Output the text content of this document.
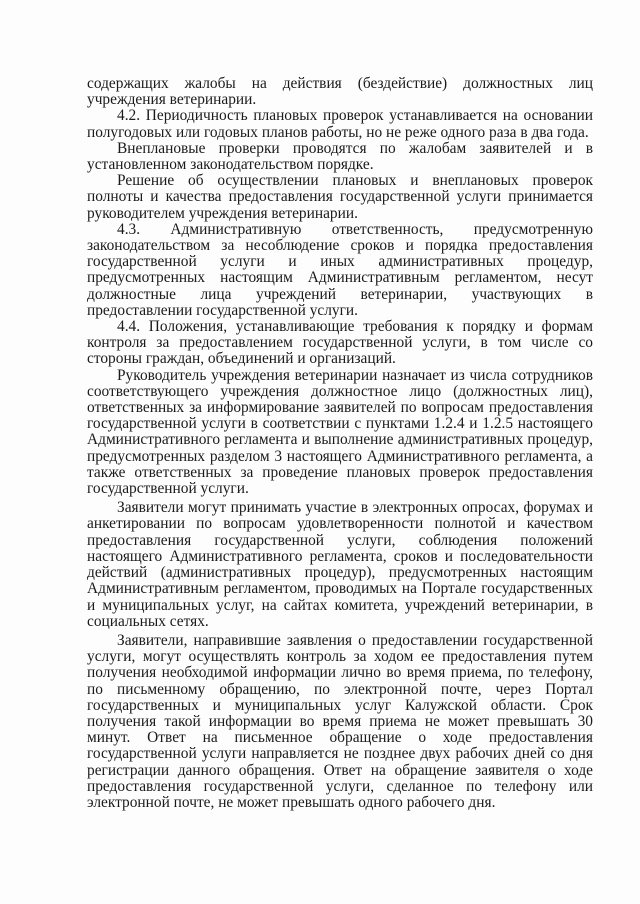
содержащих жалобы на действия (бездействие) должностных лиц учреждения ветеринарии.

4.2. Периодичность плановых проверок устанавливается на основании полугодовых или годовых планов работы, но не реже одного раза в два года.

Внеплановые проверки проводятся по жалобам заявителей и в установленном законодательством порядке.

Решение об осуществлении плановых и внеплановых проверок полноты и качества предоставления государственной услуги принимается руководителем учреждения ветеринарии.

4.3. Административную ответственность, предусмотренную законодательством за несоблюдение сроков и порядка предоставления государственной услуги и иных административных процедур, предусмотренных настоящим Административным регламентом, несут должностные лица учреждений ветеринарии, участвующих в предоставлении государственной услуги.

4.4. Положения, устанавливающие требования к порядку и формам контроля за предоставлением государственной услуги, в том числе со стороны граждан, объединений и организаций.

Руководитель учреждения ветеринарии назначает из числа сотрудников соответствующего учреждения должностное лицо (должностных лиц), ответственных за информирование заявителей по вопросам предоставления государственной услуги в соответствии с пунктами 1.2.4 и 1.2.5 настоящего Административного регламента и выполнение административных процедур, предусмотренных разделом 3 настоящего Административного регламента, а также ответственных за проведение плановых проверок предоставления государственной услуги.

Заявители могут принимать участие в электронных опросах, форумах и анкетировании по вопросам удовлетворенности полнотой и качеством предоставления государственной услуги, соблюдения положений настоящего Административного регламента, сроков и последовательности действий (административных процедур), предусмотренных настоящим Административным регламентом, проводимых на Портале государственных и муниципальных услуг, на сайтах комитета, учреждений ветеринарии, в социальных сетях.

Заявители, направившие заявления о предоставлении государственной услуги, могут осуществлять контроль за ходом ее предоставления путем получения необходимой информации лично во время приема, по телефону, по письменному обращению, по электронной почте, через Портал государственных и муниципальных услуг Калужской области. Срок получения такой информации во время приема не может превышать 30 минут. Ответ на письменное обращение о ходе предоставления государственной услуги направляется не позднее двух рабочих дней со дня регистрации данного обращения. Ответ на обращение заявителя о ходе предоставления государственной услуги, сделанное по телефону или электронной почте, не может превышать одного рабочего дня.
